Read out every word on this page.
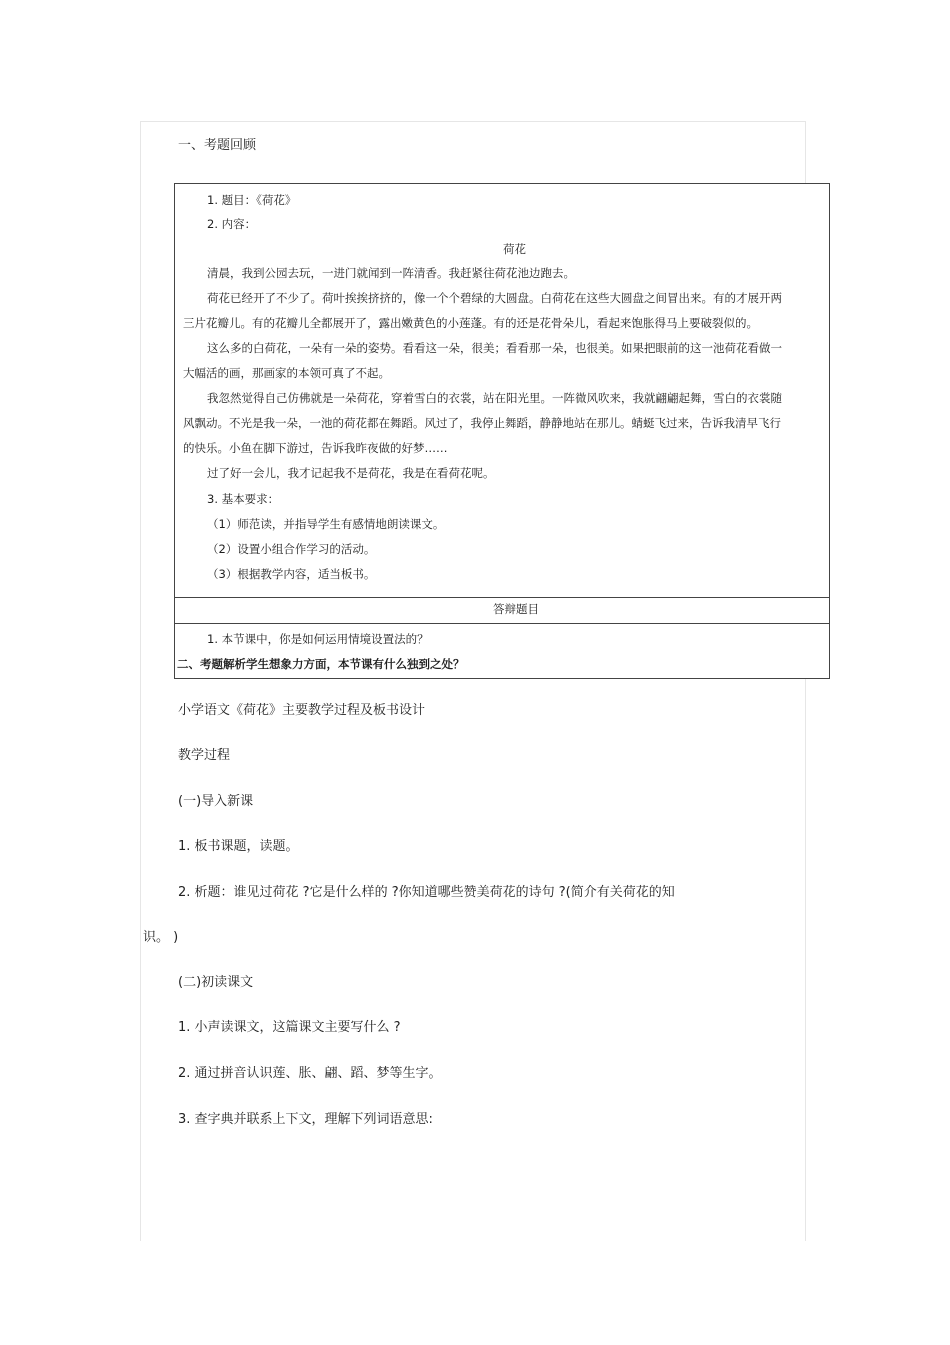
一、考题回顾
1. 题目：《荷花》
2. 内容：
荷花
清晨，我到公园去玩，一进门就闻到一阵清香。我赶紧往荷花池边跑去。
荷花已经开了不少了。荷叶挨挨挤挤的，像一个个碧绿的大圆盘。白荷花在这些大圆盘之间冒出来。有的才展开两
三片花瓣儿。有的花瓣儿全都展开了，露出嫩黄色的小莲蓬。有的还是花骨朵儿，看起来饱胀得马上要破裂似的。
这么多的白荷花，一朵有一朵的姿势。看看这一朵，很美；看看那一朵，也很美。如果把眼前的这一池荷花看做一
大幅活的画，那画家的本领可真了不起。
我忽然觉得自己仿佛就是一朵荷花，穿着雪白的衣裳，站在阳光里。一阵微风吹来，我就翩翩起舞，雪白的衣裳随
风飘动。不光是我一朵，一池的荷花都在舞蹈。风过了，我停止舞蹈，静静地站在那儿。蜻蜓飞过来，告诉我清早飞行
的快乐。小鱼在脚下游过，告诉我昨夜做的好梦……
过了好一会儿，我才记起我不是荷花，我是在看荷花呢。
3. 基本要求：
（1）师范读，并指导学生有感情地朗读课文。
（2）设置小组合作学习的活动。
（3）根据教学内容，适当板书。
答辩题目
1. 本节课中，你是如何运用情境设置法的？
二、考题解析学生想象力方面，本节课有什么独到之处？
小学语文《荷花》主要教学过程及板书设计
教学过程
(一)导入新课
1. 板书课题，读题。
2. 析题：谁见过荷花 ?它是什么样的 ?你知道哪些赞美荷花的诗句 ?(简介有关荷花的知
识。 )
(二)初读课文
1. 小声读课文，这篇课文主要写什么 ?
2. 通过拼音认识莲、胀、翩、蹈、梦等生字。
3. 查字典并联系上下文，理解下列词语意思:
